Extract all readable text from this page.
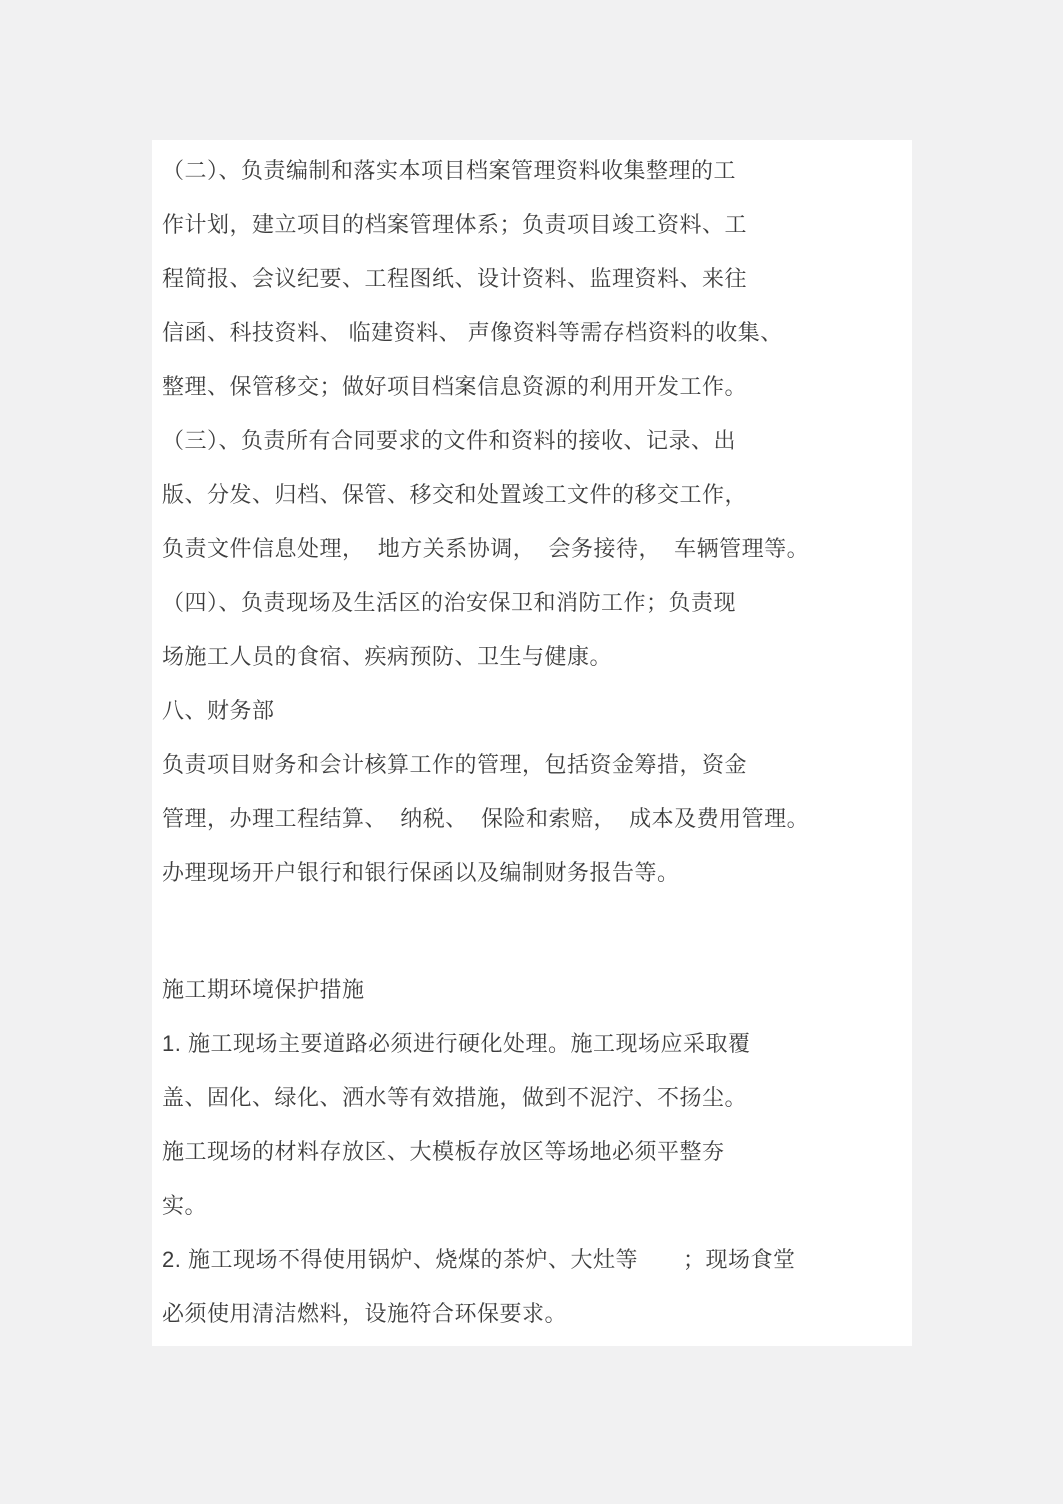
（二）、负责编制和落实本项目档案管理资料收集整理的工
作计划，建立项目的档案管理体系；负责项目竣工资料、工
程简报、会议纪要、工程图纸、设计资料、监理资料、来往
信函、科技资料、 临建资料、 声像资料等需存档资料的收集、
整理、保管移交；做好项目档案信息资源的利用开发工作。
（三）、负责所有合同要求的文件和资料的接收、记录、出
版、分发、归档、保管、移交和处置竣工文件的移交工作，
负责文件信息处理，  地方关系协调，  会务接待，  车辆管理等。
（四）、负责现场及生活区的治安保卫和消防工作；负责现
场施工人员的食宿、疾病预防、卫生与健康。
八、财务部
负责项目财务和会计核算工作的管理，包括资金筹措，资金
管理，办理工程结算、  纳税、  保险和索赔，  成本及费用管理。
办理现场开户银行和银行保函以及编制财务报告等。
施工期环境保护措施
1. 施工现场主要道路必须进行硬化处理。施工现场应采取覆
盖、固化、绿化、洒水等有效措施，做到不泥泞、不扬尘。
施工现场的材料存放区、大模板存放区等场地必须平整夯
实。
2. 施工现场不得使用锅炉、烧煤的茶炉、大灶等　　；现场食堂
必须使用清洁燃料，设施符合环保要求。
